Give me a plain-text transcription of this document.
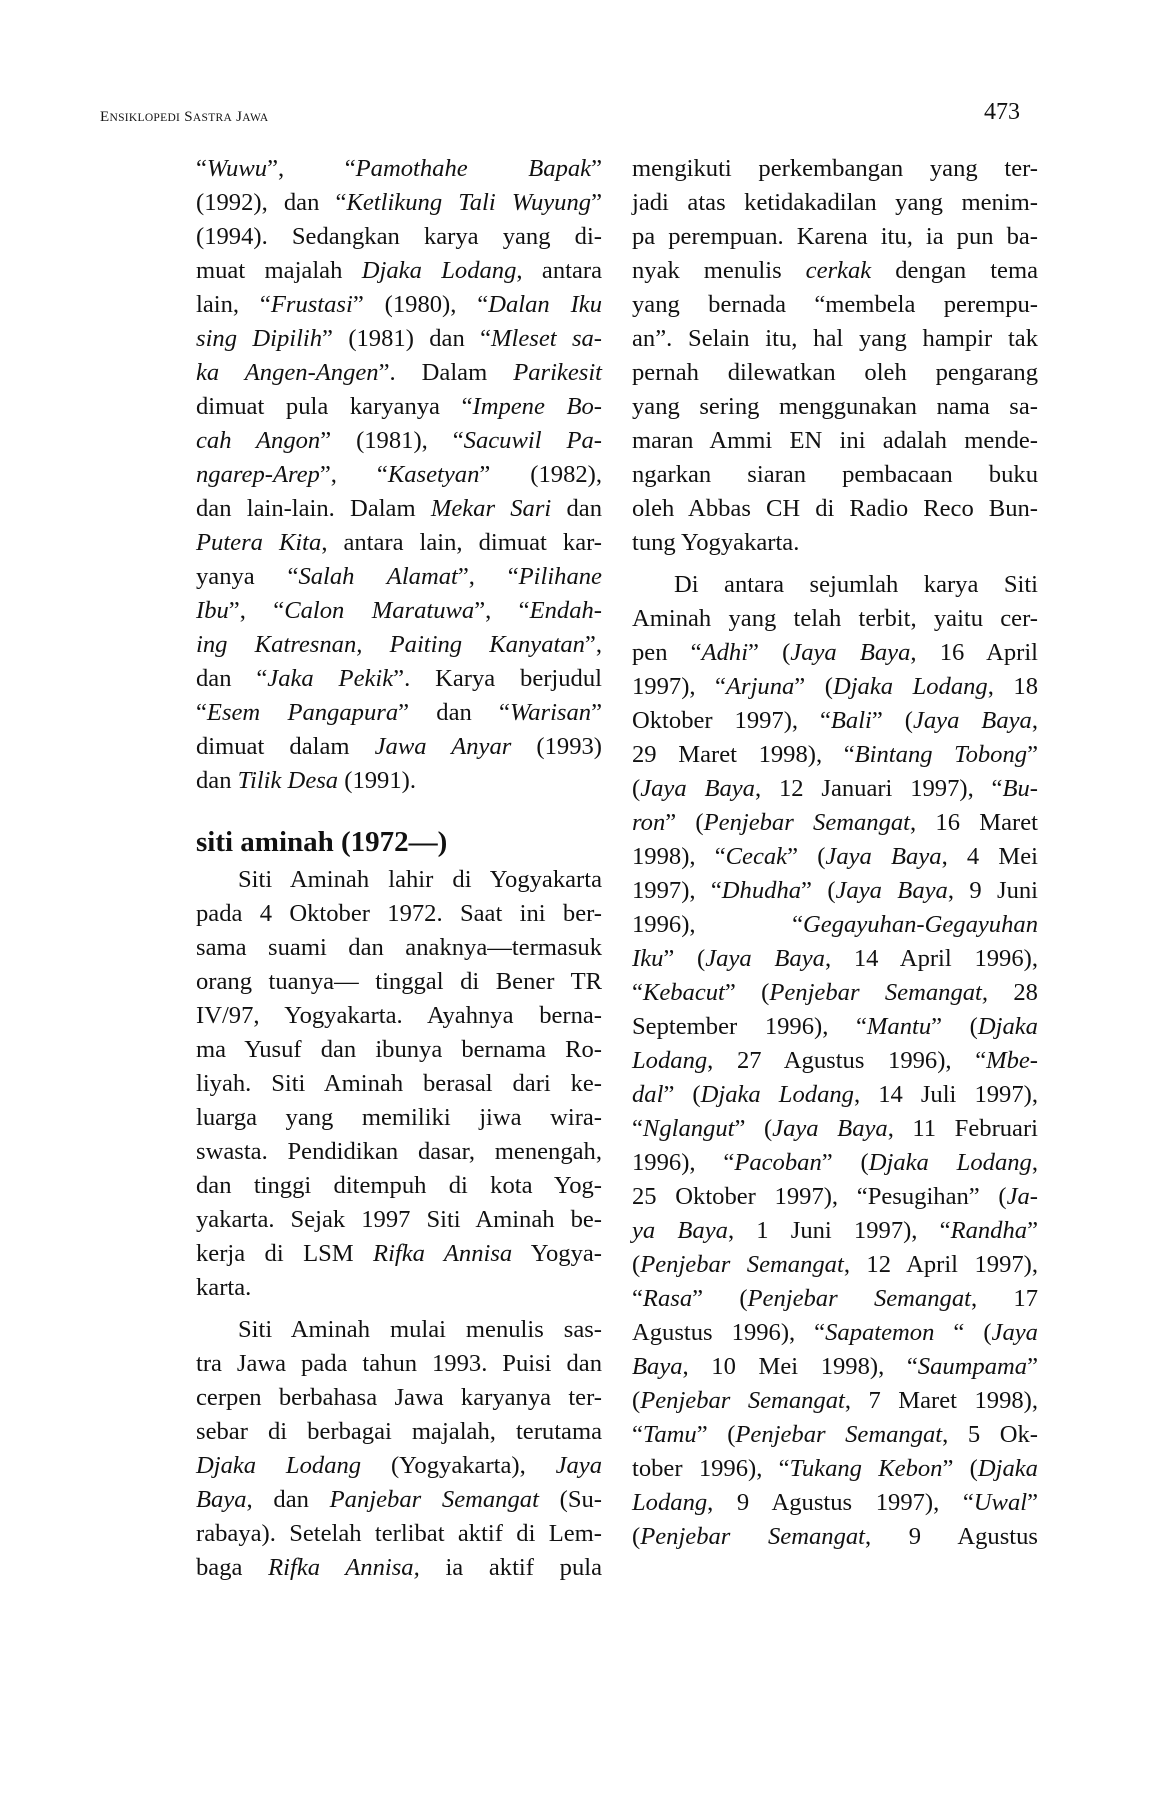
ENSIKLOPEDI SASTRA JAWA	473
“Wuwu”, “Pamothahe Bapak”
(1992), dan “Ketlikung Tali Wuyung”
(1994). Sedangkan karya yang di-
muat majalah Djaka Lodang, antara
lain, “Frustasi” (1980), “Dalan Iku
sing Dipilih” (1981) dan “Mleset sa-
ka Angen-Angen”. Dalam Parikesit
dimuat pula karyanya “Impene Bo-
cah Angon” (1981), “Sacuwil Pa-
ngarep-Arep”, “Kasetyan” (1982),
dan lain-lain. Dalam Mekar Sari dan
Putera Kita, antara lain, dimuat kar-
yanya “Salah Alamat”, “Pilihane
Ibu”, “Calon Maratuwa”, “Endah-
ing Katresnan, Paiting Kanyatan”,
dan “Jaka Pekik”. Karya berjudul
“Esem Pangapura” dan “Warisan”
dimuat dalam Jawa Anyar (1993)
dan Tilik Desa (1991).
siti aminah (1972—)
Siti Aminah lahir di Yogyakarta
pada 4 Oktober 1972. Saat ini ber-
sama suami dan anaknya—termasuk
orang tuanya— tinggal di Bener TR
IV/97, Yogyakarta. Ayahnya berna-
ma Yusuf dan ibunya bernama Ro-
liyah. Siti Aminah berasal dari ke-
luarga yang memiliki jiwa wira-
swasta. Pendidikan dasar, menengah,
dan tinggi ditempuh di kota Yog-
yakarta. Sejak 1997 Siti Aminah be-
kerja di LSM Rifka Annisa Yogya-
karta.
Siti Aminah mulai menulis sas-
tra Jawa pada tahun 1993. Puisi dan
cerpen berbahasa Jawa karyanya ter-
sebar di berbagai majalah, terutama
Djaka Lodang (Yogyakarta), Jaya
Baya, dan Panjebar Semangat (Su-
rabaya). Setelah terlibat aktif di Lem-
baga Rifka Annisa, ia aktif pula
mengikuti perkembangan yang ter-
jadi atas ketidakadilan yang menim-
pa perempuan. Karena itu, ia pun ba-
nyak menulis cerkak dengan tema
yang bernada “membela perempu-
an”. Selain itu, hal yang hampir tak
pernah dilewatkan oleh pengarang
yang sering menggunakan nama sa-
maran Ammi EN ini adalah mende-
ngarkan siaran pembacaan buku
oleh Abbas CH di Radio Reco Bun-
tung Yogyakarta.
Di antara sejumlah karya Siti
Aminah yang telah terbit, yaitu cer-
pen “Adhi” (Jaya Baya, 16 April
1997), “Arjuna” (Djaka Lodang, 18
Oktober 1997), “Bali” (Jaya Baya,
29 Maret 1998), “Bintang Tobong”
(Jaya Baya, 12 Januari 1997), “Bu-
ron” (Penjebar Semangat, 16 Maret
1998), “Cecak” (Jaya Baya, 4 Mei
1997), “Dhudha” (Jaya Baya, 9 Juni
1996), “Gegayuhan-Gegayuhan
Iku” (Jaya Baya, 14 April 1996),
“Kebacut” (Penjebar Semangat, 28
September 1996), “Mantu” (Djaka
Lodang, 27 Agustus 1996), “Mbe-
dal” (Djaka Lodang, 14 Juli 1997),
“Nglangut” (Jaya Baya, 11 Februari
1996), “Pacoban” (Djaka Lodang,
25 Oktober 1997), “Pesugihan” (Ja-
ya Baya, 1 Juni 1997), “Randha”
(Penjebar Semangat, 12 April 1997),
“Rasa” (Penjebar Semangat, 17
Agustus 1996), “Sapatemon “ (Jaya
Baya, 10 Mei 1998), “Saumpama”
(Penjebar Semangat, 7 Maret 1998),
“Tamu” (Penjebar Semangat, 5 Ok-
tober 1996), “Tukang Kebon” (Djaka
Lodang, 9 Agustus 1997), “Uwal”
(Penjebar Semangat, 9 Agustus
